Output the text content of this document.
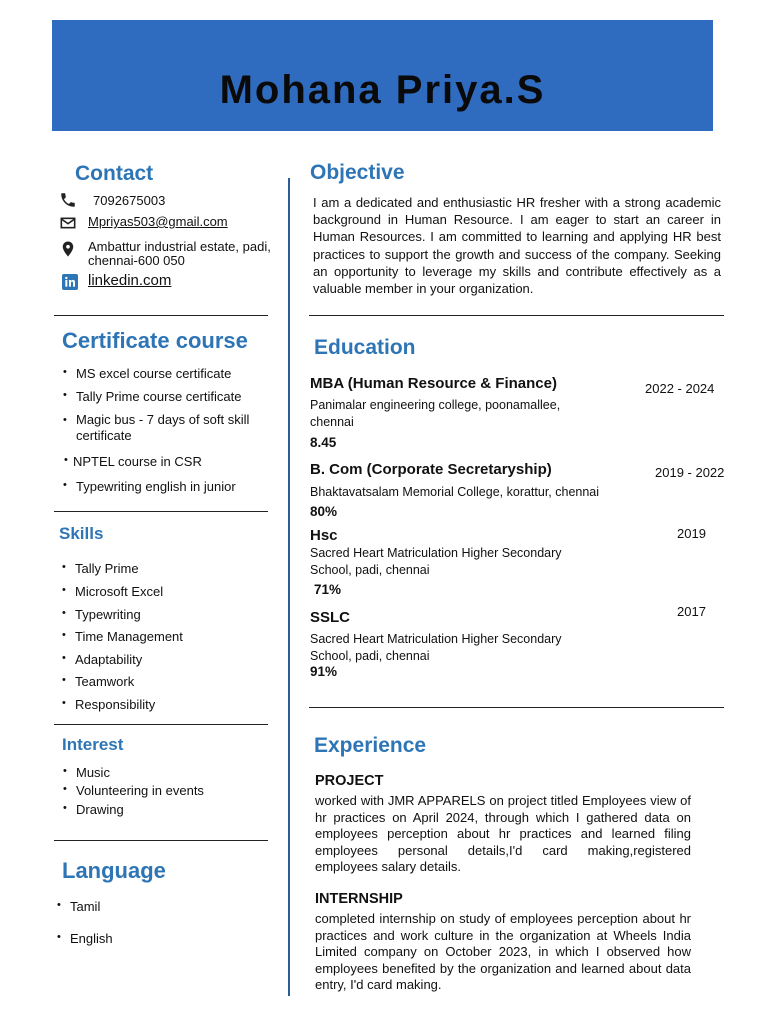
Mohana Priya.S
Contact
7092675003
Mpriyas503@gmail.com
Ambattur industrial estate, padi,
chennai-600 050
linkedin.com
Certificate course
• MS excel course certificate
• Tally Prime course certificate
• Magic bus - 7 days of soft skill certificate
• NPTEL course in CSR
• Typewriting english in junior
Skills
• Tally Prime
• Microsoft Excel
• Typewriting
• Time Management
• Adaptability
• Teamwork
• Responsibility
Interest
• Music
• Volunteering in events
• Drawing
Language
• Tamil
• English
Objective
I am a dedicated and enthusiastic HR fresher with a strong academic background in Human Resource. I am eager to start an career in Human Resources. I am committed to learning and applying HR best practices to support the growth and success of the company. Seeking an opportunity to leverage my skills and contribute effectively as a valuable member in your organization.
Education
MBA (Human Resource & Finance)	2022 - 2024
Panimalar engineering college, poonamallee, chennai
8.45
B. Com (Corporate Secretaryship)	2019 - 2022
Bhaktavatsalam Memorial College, korattur, chennai
80%
Hsc	2019
Sacred Heart Matriculation Higher Secondary School, padi, chennai
71%
SSLC	2017
Sacred Heart Matriculation Higher Secondary School, padi, chennai
91%
Experience
PROJECT
worked with JMR APPARELS on project titled Employees view of hr practices on April 2024, through which I gathered data on employees perception about hr practices and learned filing employees personal details,I'd card making,registered employees salary details.
INTERNSHIP
completed internship on study of employees perception about hr practices and work culture in the organization at Wheels India Limited company on October 2023, in which I observed how employees benefited by the organization and learned about data entry, I'd card making.
